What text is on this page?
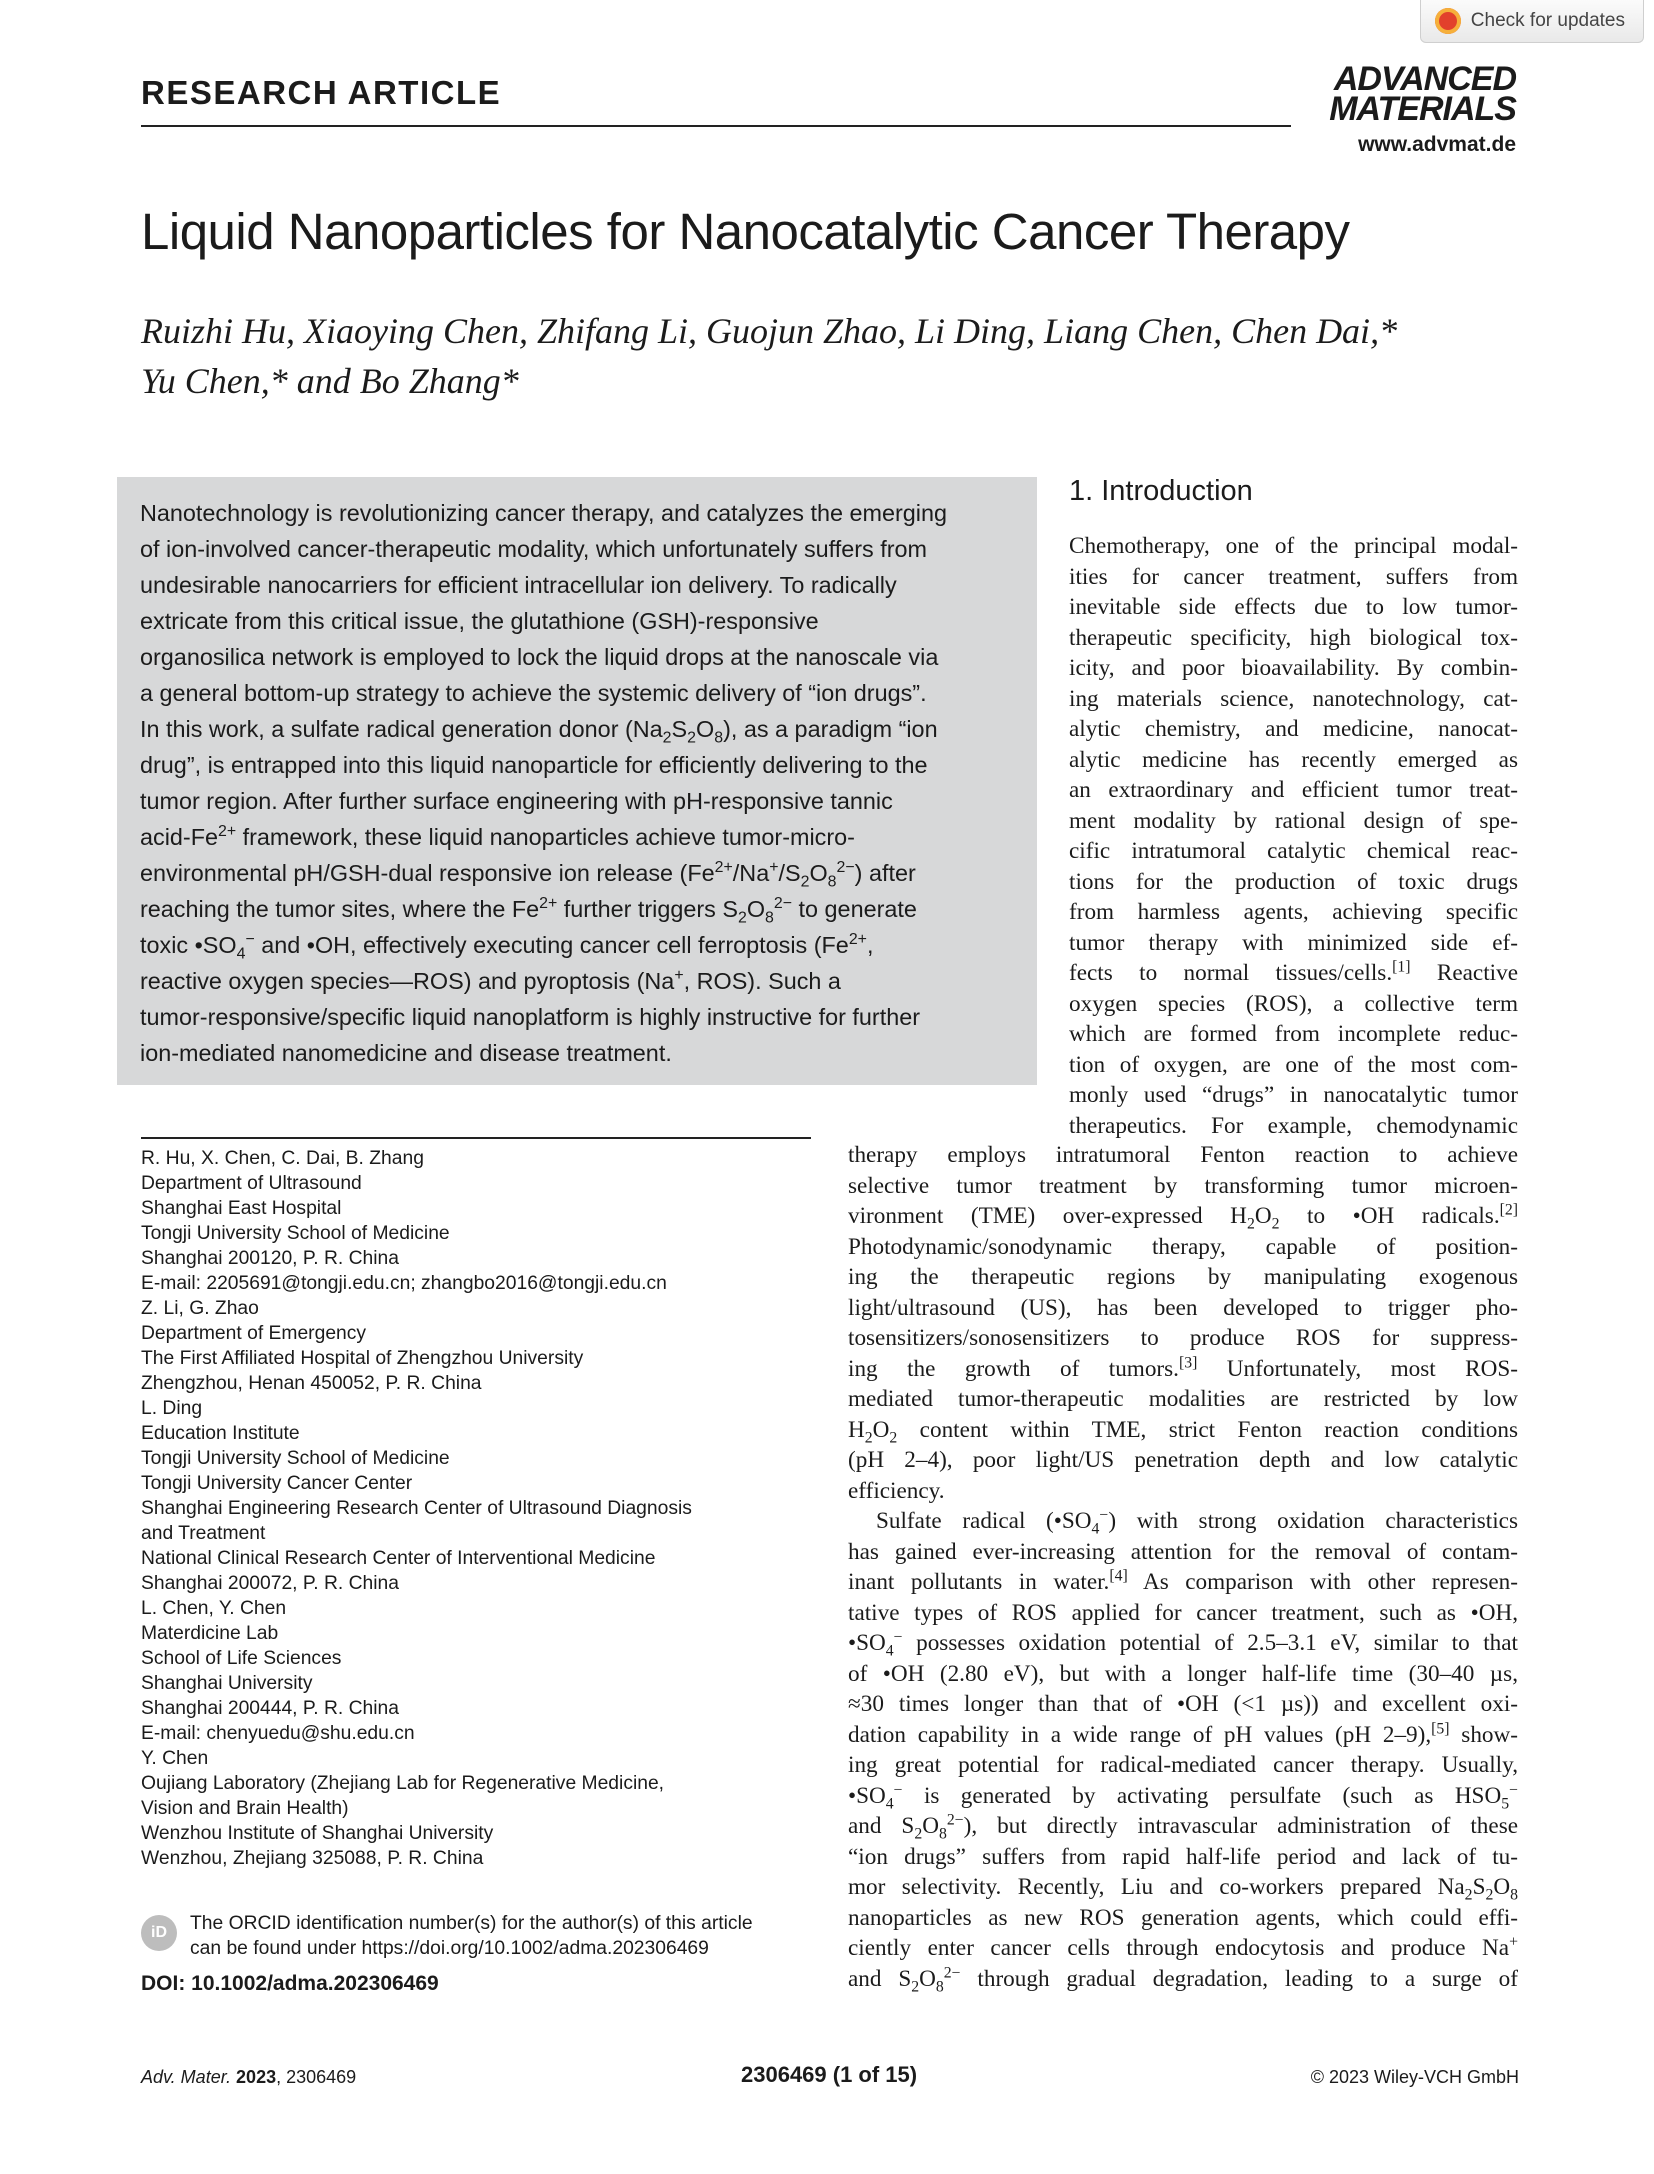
Check for updates
RESEARCH ARTICLE	ADVANCED
MATERIALS
www.advmat.de
Liquid Nanoparticles for Nanocatalytic Cancer Therapy
Ruizhi Hu, Xiaoying Chen, Zhifang Li, Guojun Zhao, Li Ding, Liang Chen, Chen Dai,*
Yu Chen,* and Bo Zhang*

Nanotechnology is revolutionizing cancer therapy, and catalyzes the emerging
of ion-involved cancer-therapeutic modality, which unfortunately suffers from
undesirable nanocarriers for efficient intracellular ion delivery. To radically
extricate from this critical issue, the glutathione (GSH)-responsive
organosilica network is employed to lock the liquid drops at the nanoscale via
a general bottom-up strategy to achieve the systemic delivery of “ion drugs”.
In this work, a sulfate radical generation donor $(Na_2S_2O_8)$, as a paradigm “ion
drug”, is entrapped into this liquid nanoparticle for efficiently delivering to the
tumor region. After further surface engineering with pH-responsive tannic
acid-$Fe^{2+}$ framework, these liquid nanoparticles achieve tumor-micro-
environmental pH/GSH-dual responsive ion release $(Fe^{2+}/Na^+/S_2O_8^{2-})$ after
reaching the tumor sites, where the $Fe^{2+}$ further triggers $S_2O_8^{2-}$ to generate
toxic $•SO_4^-$ and •OH, effectively executing cancer cell ferroptosis ($Fe^{2+}$,
reactive oxygen species—ROS) and pyroptosis (Na+, ROS). Such a
tumor-responsive/specific liquid nanoplatform is highly instructive for further
ion-mediated nanomedicine and disease treatment.

1. Introduction
Chemotherapy, one of the principal modal-
ities for cancer treatment, suffers from
inevitable side effects due to low tumor-
therapeutic specificity, high biological tox-
icity, and poor bioavailability. By combin-
ing materials science, nanotechnology, cat-
alytic chemistry, and medicine, nanocat-
alytic medicine has recently emerged as
an extraordinary and efficient tumor treat-
ment modality by rational design of spe-
cific intratumoral catalytic chemical reac-
tions for the production of toxic drugs
from harmless agents, achieving specific
tumor therapy with minimized side ef-
fects to normal tissues/cells.[1] Reactive
oxygen species (ROS), a collective term
which are formed from incomplete reduc-
tion of oxygen, are one of the most com-
monly used “drugs” in nanocatalytic tumor
therapeutics. For example, chemodynamic
therapy employs intratumoral Fenton reaction to achieve
selective tumor treatment by transforming tumor microen-
vironment (TME) over-expressed $H_2O_2$ to •OH radicals.[2]
Photodynamic/sonodynamic therapy, capable of position-
ing the therapeutic regions by manipulating exogenous
light/ultrasound (US), has been developed to trigger pho-
tosensitizers/sonosensitizers to produce ROS for suppress-
ing the growth of tumors.[3] Unfortunately, most ROS-
mediated tumor-therapeutic modalities are restricted by low
$H_2O_2$ content within TME, strict Fenton reaction conditions
(pH 2–4), poor light/US penetration depth and low catalytic
efficiency.
Sulfate radical $(•SO_4^-)$ with strong oxidation characteristics
has gained ever-increasing attention for the removal of contam-
inant pollutants in water.[4] As comparison with other represen-
tative types of ROS applied for cancer treatment, such as •OH,
$•SO_4^-$ possesses oxidation potential of 2.5–3.1 eV, similar to that
of •OH (2.80 eV), but with a longer half-life time (30–40 µs,
≈30 times longer than that of •OH (<1 µs)) and excellent oxi-
dation capability in a wide range of pH values (pH 2–9),[5] show-
ing great potential for radical-mediated cancer therapy. Usually,
$•SO_4^-$ is generated by activating persulfate (such as $HSO_5^-$
and $S_2O_8^{2-}$), but directly intravascular administration of these
“ion drugs” suffers from rapid half-life period and lack of tu-
mor selectivity. Recently, Liu and co-workers prepared $Na_2S_2O_8$
nanoparticles as new ROS generation agents, which could effi-
ciently enter cancer cells through endocytosis and produce Na+
and $S_2O_8^{2-}$ through gradual degradation, leading to a surge of
R. Hu, X. Chen, C. Dai, B. Zhang
Department of Ultrasound
Shanghai East Hospital
Tongji University School of Medicine
Shanghai 200120, P. R. China
E-mail: 2205691@tongji.edu.cn; zhangbo2016@tongji.edu.cn
Z. Li, G. Zhao
Department of Emergency
The First Affiliated Hospital of Zhengzhou University
Zhengzhou, Henan 450052, P. R. China
L. Ding
Education Institute
Tongji University School of Medicine
Tongji University Cancer Center
Shanghai Engineering Research Center of Ultrasound Diagnosis
and Treatment
National Clinical Research Center of Interventional Medicine
Shanghai 200072, P. R. China
L. Chen, Y. Chen
Materdicine Lab
School of Life Sciences
Shanghai University
Shanghai 200444, P. R. China
E-mail: chenyuedu@shu.edu.cn
Y. Chen
Oujiang Laboratory (Zhejiang Lab for Regenerative Medicine,
Vision and Brain Health)
Wenzhou Institute of Shanghai University
Wenzhou, Zhejiang 325088, P. R. China
iD	The ORCID identification number(s) for the author(s) of this article
can be found under https://doi.org/10.1002/adma.202306469
DOI: 10.1002/adma.202306469
Adv. Mater. 2023, 2306469	2306469 (1 of 15)	© 2023 Wiley-VCH GmbH
